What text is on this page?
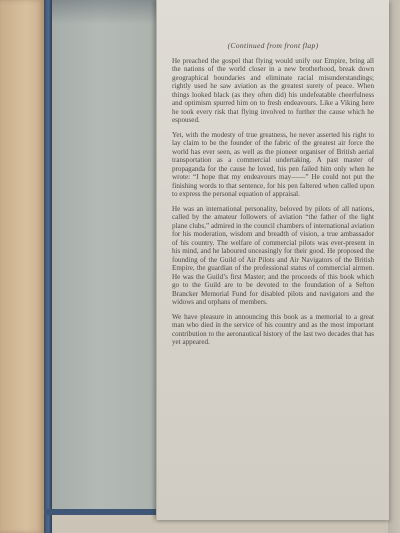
(Continued from front flap)

He preached the gospel that flying would unify our Empire, bring all the nations of the world closer in a new brotherhood, break down geographical boundaries and eliminate racial misunderstandings; rightly used he saw aviation as the greatest surety of peace. When things looked black (as they often did) his undefeatable cheerfulness and optimism spurred him on to fresh endeavours. Like a Viking here he took every risk that flying involved to further the cause which he espoused.

Yet, with the modesty of true greatness, he never asserted his right to lay claim to be the founder of the fabric of the greatest air force the world has ever seen, as well as the pioneer organiser of British aerial transportation as a commercial undertaking. A past master of propaganda for the cause he loved, his pen failed him only when he wrote: “I hope that my endeavours may——” He could not put the finishing words to that sentence, for his pen faltered when called upon to express the personal equation of appraisal.

He was an international personality, beloved by pilots of all nations, called by the amateur followers of aviation “the father of the light plane clubs,” admired in the council chambers of international aviation for his moderation, wisdom and breadth of vision, a true ambassador of his country. The welfare of commercial pilots was ever-present in his mind, and he laboured unceasingly for their good. He proposed the founding of the Guild of Air Pilots and Air Navigators of the British Empire, the guardian of the professional status of commercial airmen. He was the Guild’s first Master; and the proceeds of this book which go to the Guild are to be devoted to the foundation of a Sefton Brancker Memorial Fund for disabled pilots and navigators and the widows and orphans of members.

We have pleasure in announcing this book as a memorial to a great man who died in the service of his country and as the most important contribution to the aeronautical history of the last two decades that has yet appeared.
